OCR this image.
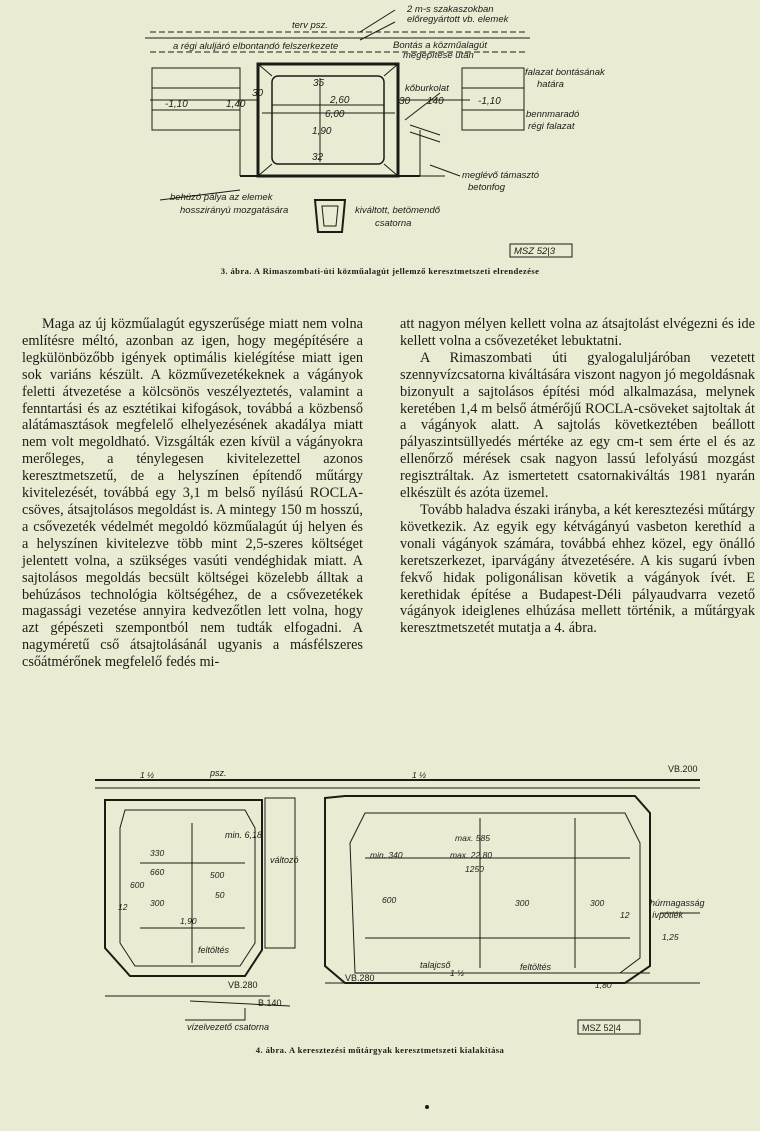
terv psz.
2 m-s szakaszokban
előregyártott vb. elemek
a régi aluljáró elbontandó felszerkezete	Bontás a közműalagút
megépítése után
falazat bontásának
határa
kőburkolat
bennmaradó
régi falazat
meglévő támasztó
betonfog
behúzó pálya az elemek
hosszirányú mozgatására	kiváltott, betömendő
csatorna
MSZ 52|3
-1,10	1,40
30
35
2,60
6,00
30 140	-1,10
1,90
32
3. ábra. A Rimaszombati-úti közműalagút jellemző keresztmetszeti elrendezése

Maga az új közműalagút egyszerűsége miatt nem volna említésre méltó, azonban az igen, hogy megépítésére a legkülönbözőbb igények optimális kielégítése miatt igen sok variáns készült. A közművezetékeknek a vágányok feletti átvezetése a kölcsönös veszélyeztetés, valamint a fenntartási és az esztétikai kifogások, továbbá a közbenső alátámasztások megfelelő elhelyezésének akadálya miatt nem volt megoldható. Vizsgálták ezen kívül a vágányokra merőleges, a ténylegesen kivitelezettel azonos keresztmetszetű, de a helyszínen építendő műtárgy kivitelezését, továbbá egy 3,1 m belső nyílású ROCLA-csöves, átsajtolásos megoldást is. A mintegy 150 m hosszú, a csővezeték védelmét megoldó közműalagút új helyen és a helyszínen kivitelezve több mint 2,5-szeres költséget jelentett volna, a szükséges vasúti vendéghidak miatt. A sajtolásos megoldás becsült költségei közelebb álltak a behúzásos technológia költségéhez, de a csővezetékek magassági vezetése annyira kedvezőtlen lett volna, hogy azt gépészeti szempontból nem tudták elfogadni. A nagyméretű cső átsajtolásánál ugyanis a másfélszeres csőátmérőnek megfelelő fedés mi-

att nagyon mélyen kellett volna az átsajtolást elvégezni és ide kellett volna a csővezetéket lebuktatni.

A Rimaszombati úti gyalogaluljáróban vezetett szennyvízcsatorna kiváltására viszont nagyon jó megoldásnak bizonyult a sajtolásos építési mód alkalmazása, melynek keretében 1,4 m belső átmérőjű ROCLA-csöveket sajtoltak át a vágányok alatt. A sajtolás következtében beállott pályaszintsüllyedés mértéke az egy cm-t sem érte el és az ellenőrző mérések csak nagyon lassú lefolyású mozgást regisztráltak. Az ismertetett csatornakiváltás 1981 nyarán elkészült és azóta üzemel.

Tovább haladva északi irányba, a két keresztezési műtárgy következik. Az egyik egy kétvágányú vasbeton kerethíd a vonali vágányok számára, továbbá ehhez közel, egy önálló keretszerkezet, iparvágány átvezetésére. A kis sugarú ívben fekvő hidak poligonálisan követik a vágányok ívét. E kerethidak építése a Budapest-Déli pályaudvarra vezető vágányok ideiglenes elhúzása mellett történik, a műtárgyak keresztmetszetét mutatja a 4. ábra.

VB.200
VB.280
VB.280
B.140
változó
feltöltés
feltöltés
talajcső
húrmagasság
ívpótlék
vízelvezető csatorna
min. 6,18
psz.
MSZ 52|4
330
660
300
12
600
1,90
500
50
max. 585
min. 340	max. 22,80
1250
300	300
12
600
1,80
1,25
1 ½	1 ½
1 ½
4. ábra. A keresztezési műtárgyak keresztmetszeti kialakítása
